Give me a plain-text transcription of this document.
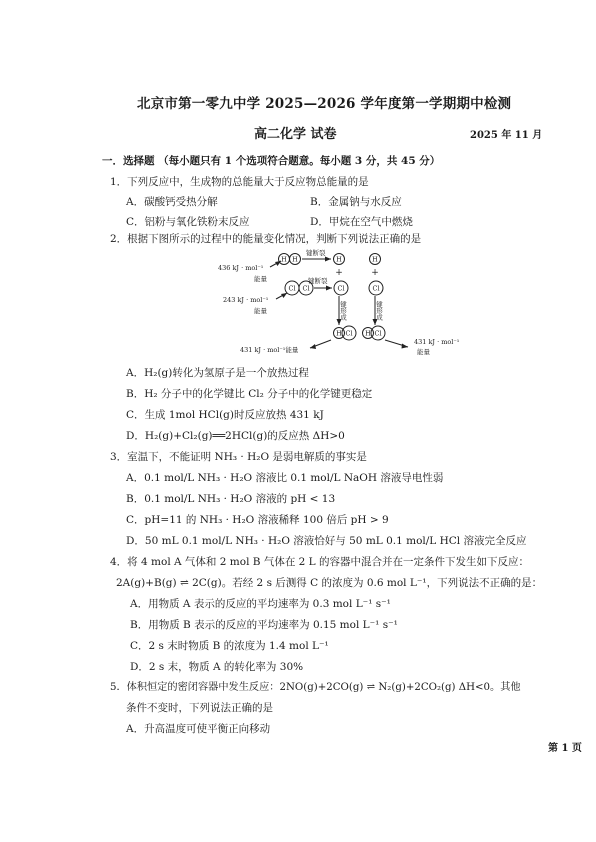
北京市第一零九中学 2025—2026 学年度第一学期期中检测
高二化学 试卷	2025 年 11 月
一．选择题 （每小题只有 1 个选项符合题意。每小题 3 分，共 45 分）
1．下列反应中，生成物的总能量大于反应物总能量的是
A．碳酸钙受热分解	B．金属钠与水反应
C．铝粉与氧化铁粉末反应	D．甲烷在空气中燃烧
2．根据下图所示的过程中的能量变化情况，判断下列说法正确的是
H H	H	H
Cl Cl	Cl	Cl
H Cl H Cl
+	+
436 kJ · mol⁻¹
能量
243 kJ · mol⁻¹
能量
键断裂
键断裂
431 kJ · mol⁻¹能量
431 kJ · mol⁻¹
能量
键形成	键形成
A．H₂(g)转化为氢原子是一个放热过程
B．H₂ 分子中的化学键比 Cl₂ 分子中的化学键更稳定
C．生成 1mol HCl(g)时反应放热 431 kJ
D．H₂(g)+Cl₂(g)══2HCl(g)的反应热 ΔH>0
3．室温下，不能证明 NH₃ · H₂O 是弱电解质的事实是
A．0.1 mol/L NH₃ · H₂O 溶液比 0.1 mol/L NaOH 溶液导电性弱
B．0.1 mol/L NH₃ · H₂O 溶液的 pH < 13
C．pH=11 的 NH₃ · H₂O 溶液稀释 100 倍后 pH > 9
D．50 mL 0.1 mol/L NH₃ · H₂O 溶液恰好与 50 mL 0.1 mol/L HCl 溶液完全反应
4．将 4 mol A 气体和 2 mol B 气体在 2 L 的容器中混合并在一定条件下发生如下反应：
2A(g)+B(g) ⇌ 2C(g)。若经 2 s 后测得 C 的浓度为 0.6 mol L⁻¹，下列说法不正确的是：
A．用物质 A 表示的反应的平均速率为 0.3 mol L⁻¹ s⁻¹
B．用物质 B 表示的反应的平均速率为 0.15 mol L⁻¹ s⁻¹
C．2 s 末时物质 B 的浓度为 1.4 mol L⁻¹
D．2 s 末，物质 A 的转化率为 30%
5．体积恒定的密闭容器中发生反应：2NO(g)+2CO(g) ⇌ N₂(g)+2CO₂(g) ΔH<0。其他
条件不变时，下列说法正确的是
A．升高温度可使平衡正向移动
第 1 页
